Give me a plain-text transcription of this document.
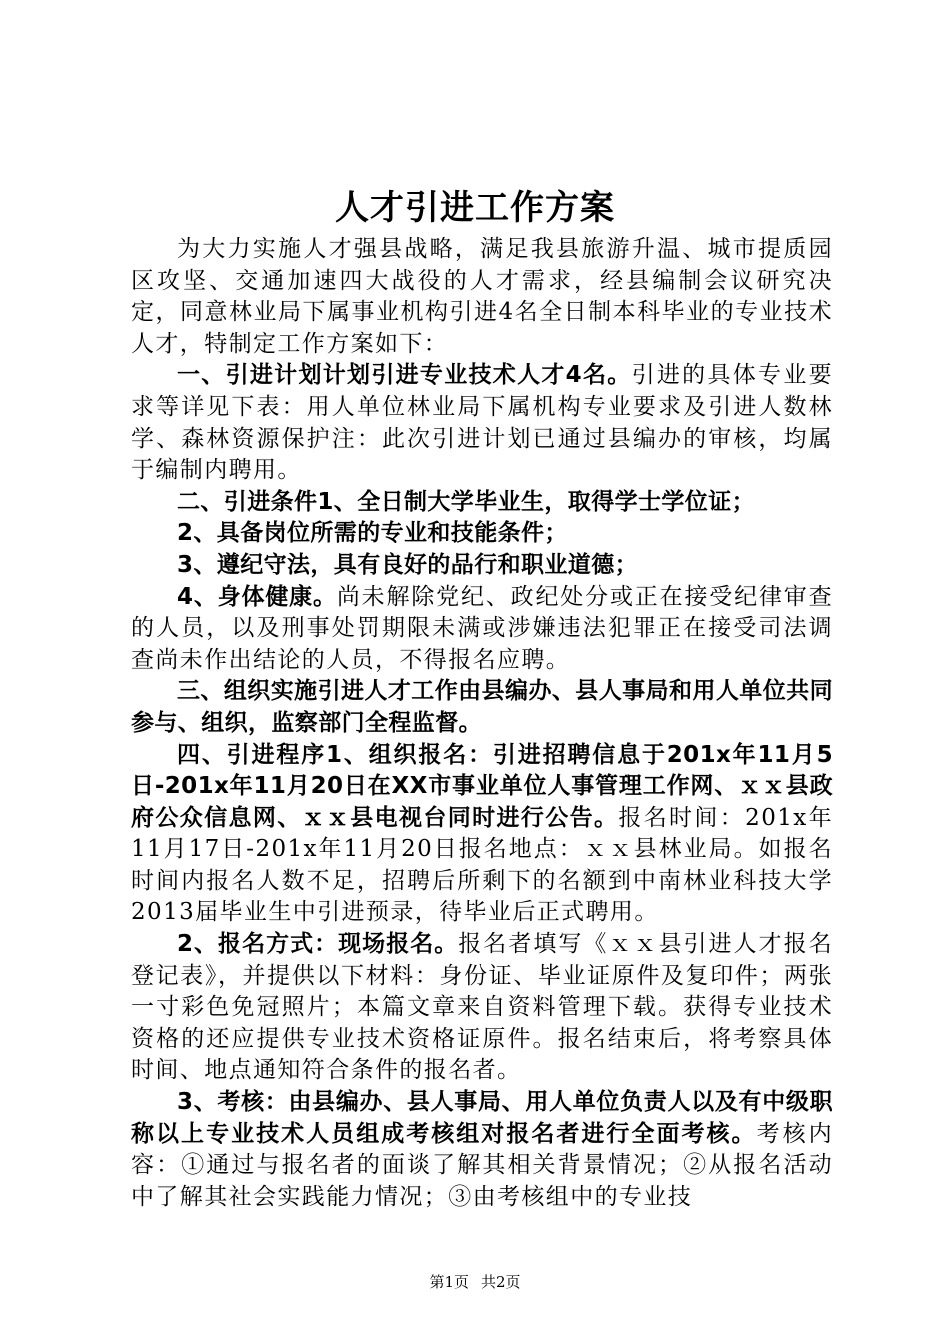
人才引进工作方案

为大力实施人才强县战略，满足我县旅游升温、城市提质园区攻坚、交通加速四大战役的人才需求，经县编制会议研究决定，同意林业局下属事业机构引进4名全日制本科毕业的专业技术人才，特制定工作方案如下：

一、引进计划计划引进专业技术人才4名。引进的具体专业要求等详见下表：用人单位林业局下属机构专业要求及引进人数林学、森林资源保护注：此次引进计划已通过县编办的审核，均属于编制内聘用。

二、引进条件1、全日制大学毕业生，取得学士学位证；

2、具备岗位所需的专业和技能条件；

3、遵纪守法，具有良好的品行和职业道德；

4、身体健康。尚未解除党纪、政纪处分或正在接受纪律审查的人员，以及刑事处罚期限未满或涉嫌违法犯罪正在接受司法调查尚未作出结论的人员，不得报名应聘。

三、组织实施引进人才工作由县编办、县人事局和用人单位共同参与、组织，监察部门全程监督。

四、引进程序1、组织报名：引进招聘信息于201x年11月5日-201x年11月20日在XX市事业单位人事管理工作网、ｘｘ县政府公众信息网、ｘｘ县电视台同时进行公告。报名时间：201x年11月17日-201x年11月20日报名地点：ｘｘ县林业局。如报名时间内报名人数不足，招聘后所剩下的名额到中南林业科技大学2013届毕业生中引进预录，待毕业后正式聘用。

2、报名方式：现场报名。报名者填写《ｘｘ县引进人才报名登记表》，并提供以下材料：身份证、毕业证原件及复印件；两张一寸彩色免冠照片；本篇文章来自资料管理下载。获得专业技术资格的还应提供专业技术资格证原件。报名结束后，将考察具体时间、地点通知符合条件的报名者。

3、考核：由县编办、县人事局、用人单位负责人以及有中级职称以上专业技术人员组成考核组对报名者进行全面考核。考核内容：①通过与报名者的面谈了解其相关背景情况；②从报名活动中了解其社会实践能力情况；③由考核组中的专业技

第1页 共2页
